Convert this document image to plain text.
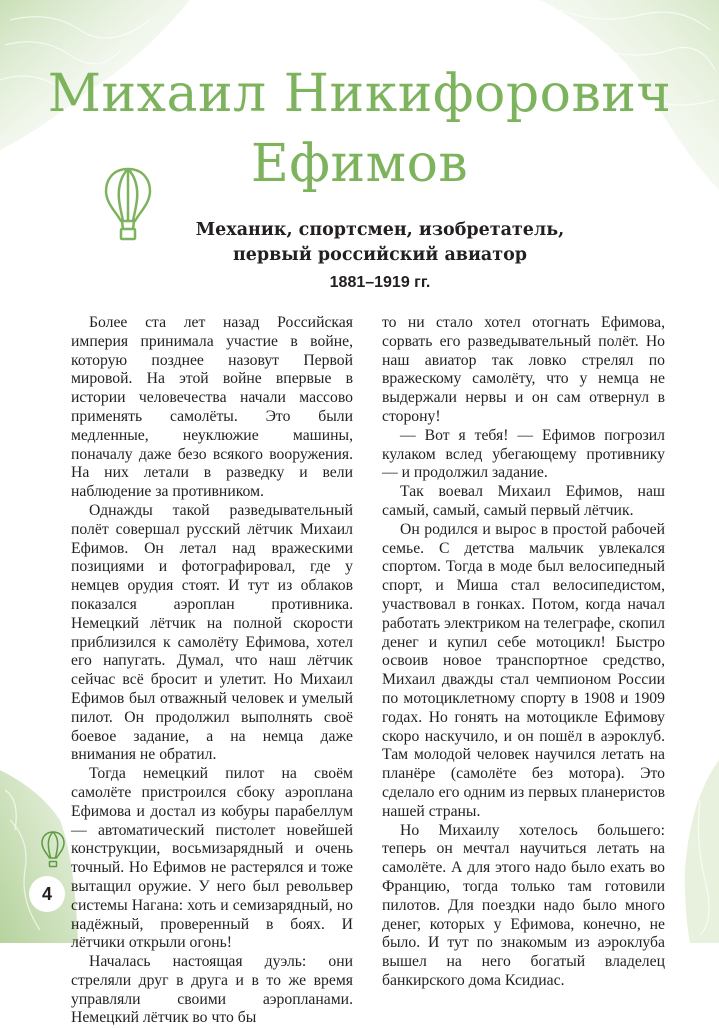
Михаил Никифорович
Ефимов
Механик, спортсмен, изобретатель,
первый российский авиатор
1881–1919 гг.

Более ста лет назад Российская империя принимала участие в войне, которую позднее назовут Первой мировой. На этой войне впервые в истории человечества начали массово применять самолёты. Это были медленные, неуклюжие машины, поначалу даже безо всякого вооружения. На них летали в разведку и вели наблюдение за противником.

Однажды такой разведывательный полёт совершал русский лётчик Михаил Ефимов. Он летал над вражескими позициями и фотографировал, где у немцев орудия стоят. И тут из облаков показался аэроплан противника. Немецкий лётчик на полной скорости приблизился к самолёту Ефимова, хотел его напугать. Думал, что наш лётчик сейчас всё бросит и улетит. Но Михаил Ефимов был отважный человек и умелый пилот. Он продолжил выполнять своё боевое задание, а на немца даже внимания не обратил.

Тогда немецкий пилот на своём самолёте пристроился сбоку аэроплана Ефимова и достал из кобуры парабеллум — автоматический пистолет новейшей конструкции, восьмизарядный и очень точный. Но Ефимов не растерялся и тоже вытащил оружие. У него был револьвер системы Нагана: хоть и семизарядный, но надёжный, проверенный в боях. И лётчики открыли огонь!

Началась настоящая дуэль: они стреляли друг в друга и в то же время управляли своими аэропланами. Немецкий лётчик во что бы

то ни стало хотел отогнать Ефимова, сорвать его разведывательный полёт. Но наш авиатор так ловко стрелял по вражескому самолёту, что у немца не выдержали нервы и он сам отвернул в сторону!

— Вот я тебя! — Ефимов погрозил кулаком вслед убегающему противнику — и продолжил задание.

Так воевал Михаил Ефимов, наш самый, самый, самый первый лётчик.

Он родился и вырос в простой рабочей семье. С детства мальчик увлекался спортом. Тогда в моде был велосипедный спорт, и Миша стал велосипедистом, участвовал в гонках. Потом, когда начал работать электриком на телеграфе, скопил денег и купил себе мотоцикл! Быстро освоив новое транспортное средство, Михаил дважды стал чемпионом России по мотоциклетному спорту в 1908 и 1909 годах. Но гонять на мотоцикле Ефимову скоро наскучило, и он пошёл в аэроклуб. Там молодой человек научился летать на планёре (самолёте без мотора). Это сделало его одним из первых планеристов нашей страны.

Но Михаилу хотелось большего: теперь он мечтал научиться летать на самолёте. А для этого надо было ехать во Францию, тогда только там готовили пилотов. Для поездки надо было много денег, которых у Ефимова, конечно, не было. И тут по знакомым из аэроклуба вышел на него богатый владелец банкирского дома Ксидиас.

4
